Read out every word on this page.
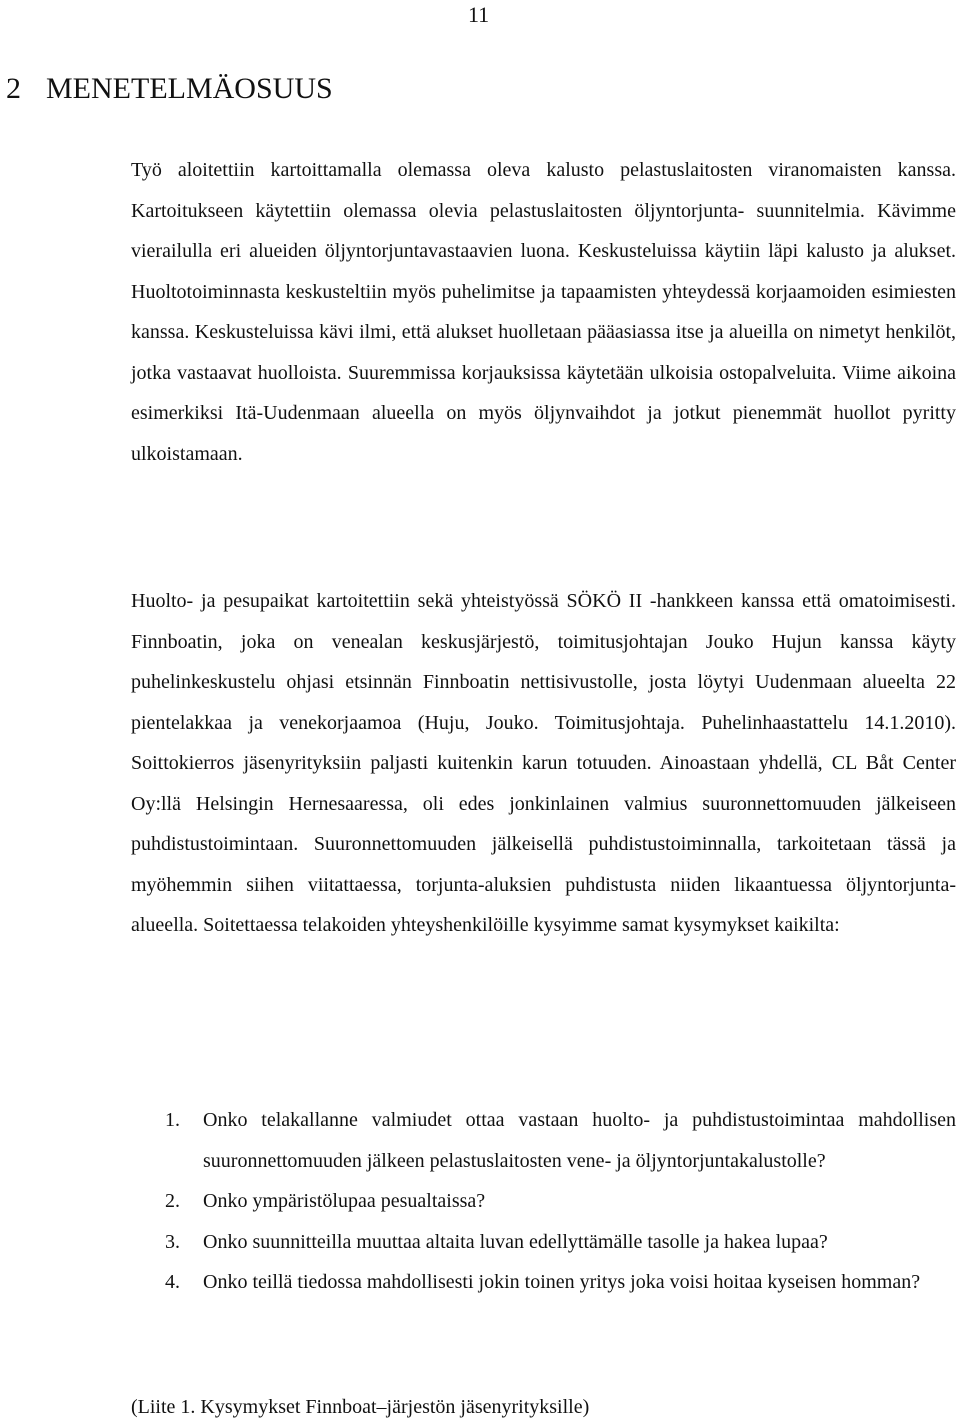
11
2 MENETELMÄOSUUS

Työ aloitettiin kartoittamalla olemassa oleva kalusto pelastuslaitosten viranomaisten kanssa. Kartoitukseen käytettiin olemassa olevia pelastuslaitosten öljyntorjunta- suunnitelmia. Kävimme vierailulla eri alueiden öljyntorjuntavastaavien luona. Keskusteluissa käytiin läpi kalusto ja alukset. Huoltotoiminnasta keskusteltiin myös puhelimitse ja tapaamisten yhteydessä korjaamoiden esimiesten kanssa. Keskusteluissa kävi ilmi, että alukset huolletaan pääasiassa itse ja alueilla on nimetyt henkilöt, jotka vastaavat huolloista. Suuremmissa korjauksissa käytetään ulkoisia ostopalveluita. Viime aikoina esimerkiksi Itä-Uudenmaan alueella on myös öljynvaihdot ja jotkut pienemmät huollot pyritty ulkoistamaan.

Huolto- ja pesupaikat kartoitettiin sekä yhteistyössä SÖKÖ II -hankkeen kanssa että omatoimisesti. Finnboatin, joka on venealan keskusjärjestö, toimitusjohtajan Jouko Hujun kanssa käyty puhelinkeskustelu ohjasi etsinnän Finnboatin nettisivustolle, josta löytyi Uudenmaan alueelta 22 pientelakkaa ja venekorjaamoa (Huju, Jouko. Toimitusjohtaja. Puhelinhaastattelu 14.1.2010). Soittokierros jäsenyrityksiin paljasti kuitenkin karun totuuden. Ainoastaan yhdellä, CL Båt Center Oy:llä Helsingin Hernesaaressa, oli edes jonkinlainen valmius suuronnettomuuden jälkeiseen puhdistustoimintaan. Suuronnettomuuden jälkeisellä puhdistustoiminnalla, tarkoitetaan tässä ja myöhemmin siihen viitattaessa, torjunta-aluksien puhdistusta niiden likaantuessa öljyntorjunta-alueella. Soitettaessa telakoiden yhteyshenkilöille kysyimme samat kysymykset kaikilta:

1. Onko telakallanne valmiudet ottaa vastaan huolto- ja puhdistustoimintaa mahdollisen suuronnettomuuden jälkeen pelastuslaitosten vene- ja öljyntorjuntakalustolle?
2. Onko ympäristölupaa pesualtaissa?
3. Onko suunnitteilla muuttaa altaita luvan edellyttämälle tasolle ja hakea lupaa?
4. Onko teillä tiedossa mahdollisesti jokin toinen yritys joka voisi hoitaa kyseisen homman?

(Liite 1. Kysymykset Finnboat–järjestön jäsenyrityksille)
